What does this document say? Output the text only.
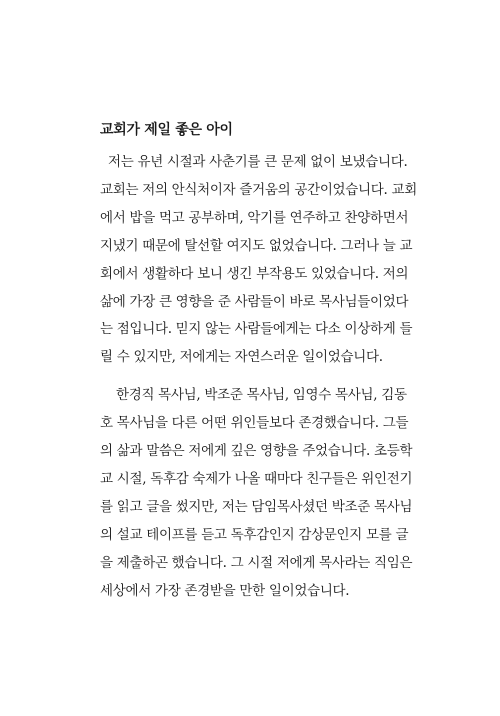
교회가 제일 좋은 아이

저는 유년 시절과 사춘기를 큰 문제 없이 보냈습니다.

교회는 저의 안식처이자 즐거움의 공간이었습니다. 교회

에서 밥을 먹고 공부하며, 악기를 연주하고 찬양하면서

지냈기 때문에 탈선할 여지도 없었습니다. 그러나 늘 교

회에서 생활하다 보니 생긴 부작용도 있었습니다. 저의

삶에 가장 큰 영향을 준 사람들이 바로 목사님들이었다

는 점입니다. 믿지 않는 사람들에게는 다소 이상하게 들

릴 수 있지만, 저에게는 자연스러운 일이었습니다.

한경직 목사님, 박조준 목사님, 임영수 목사님, 김동

호 목사님을 다른 어떤 위인들보다 존경했습니다. 그들

의 삶과 말씀은 저에게 깊은 영향을 주었습니다. 초등학

교 시절, 독후감 숙제가 나올 때마다 친구들은 위인전기

를 읽고 글을 썼지만, 저는 담임목사셨던 박조준 목사님

의 설교 테이프를 듣고 독후감인지 감상문인지 모를 글

을 제출하곤 했습니다. 그 시절 저에게 목사라는 직임은

세상에서 가장 존경받을 만한 일이었습니다.
